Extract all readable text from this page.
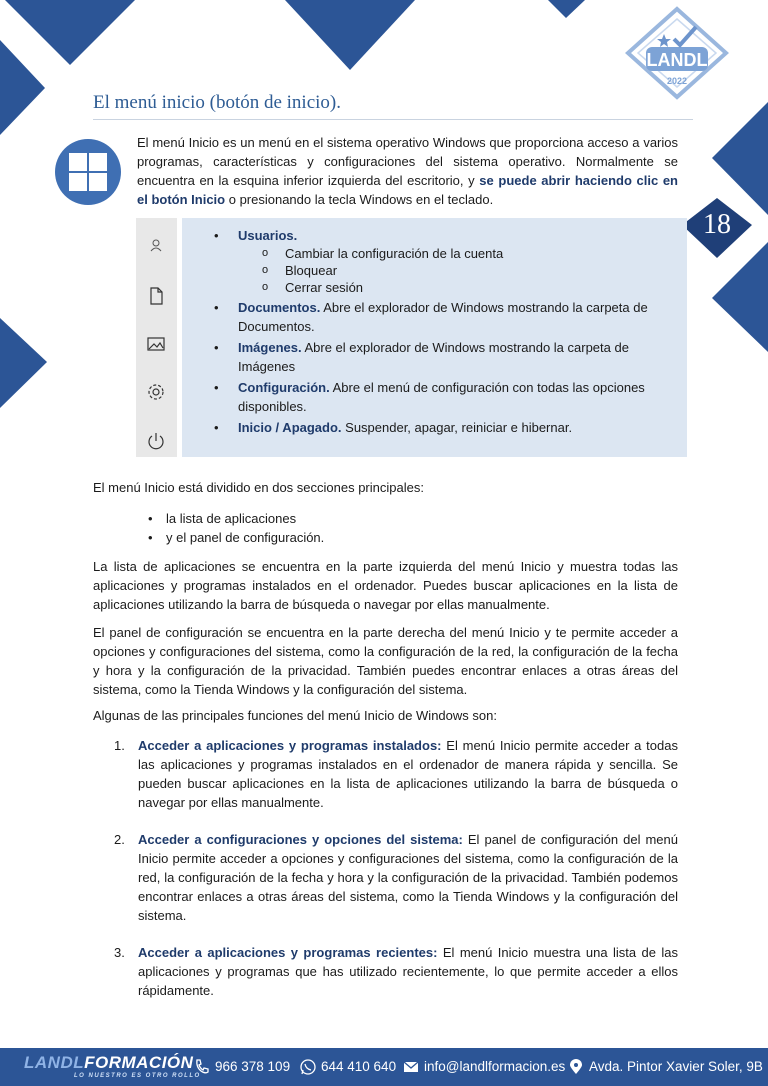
LANDL
2022
El menú inicio (botón de inicio).

El menú Inicio es un menú en el sistema operativo Windows que proporciona acceso a varios programas, características y configuraciones del sistema operativo. Normalmente se encuentra en la esquina inferior izquierda del escritorio, y se puede abrir haciendo clic en el botón Inicio o presionando la tecla Windows en el teclado.

18
• Usuarios.
o Cambiar la configuración de la cuenta
o Bloquear
o Cerrar sesión
• Documentos. Abre el explorador de Windows mostrando la carpeta de Documentos.
• Imágenes. Abre el explorador de Windows mostrando la carpeta de Imágenes
• Configuración. Abre el menú de configuración con todas las opciones disponibles.
• Inicio / Apagado. Suspender, apagar, reiniciar e hibernar.

El menú Inicio está dividido en dos secciones principales:

• la lista de aplicaciones
• y el panel de configuración.

La lista de aplicaciones se encuentra en la parte izquierda del menú Inicio y muestra todas las aplicaciones y programas instalados en el ordenador. Puedes buscar aplicaciones en la lista de aplicaciones utilizando la barra de búsqueda o navegar por ellas manualmente.

El panel de configuración se encuentra en la parte derecha del menú Inicio y te permite acceder a opciones y configuraciones del sistema, como la configuración de la red, la configuración de la fecha y hora y la configuración de la privacidad. También puedes encontrar enlaces a otras áreas del sistema, como la Tienda Windows y la configuración del sistema.

Algunas de las principales funciones del menú Inicio de Windows son:

1. Acceder a aplicaciones y programas instalados: El menú Inicio permite acceder a todas las aplicaciones y programas instalados en el ordenador de manera rápida y sencilla. Se pueden buscar aplicaciones en la lista de aplicaciones utilizando la barra de búsqueda o navegar por ellas manualmente.
2. Acceder a configuraciones y opciones del sistema: El panel de configuración del menú Inicio permite acceder a opciones y configuraciones del sistema, como la configuración de la red, la configuración de la fecha y hora y la configuración de la privacidad. También podemos encontrar enlaces a otras áreas del sistema, como la Tienda Windows y la configuración del sistema.
3. Acceder a aplicaciones y programas recientes: El menú Inicio muestra una lista de las aplicaciones y programas que has utilizado recientemente, lo que permite acceder a ellos rápidamente.
LANDLFORMACIÓN
LO NUESTRO ES OTRO ROLLO
966 378 109 644 410 640 info@landlformacion.es Avda. Pintor Xavier Soler, 9B
